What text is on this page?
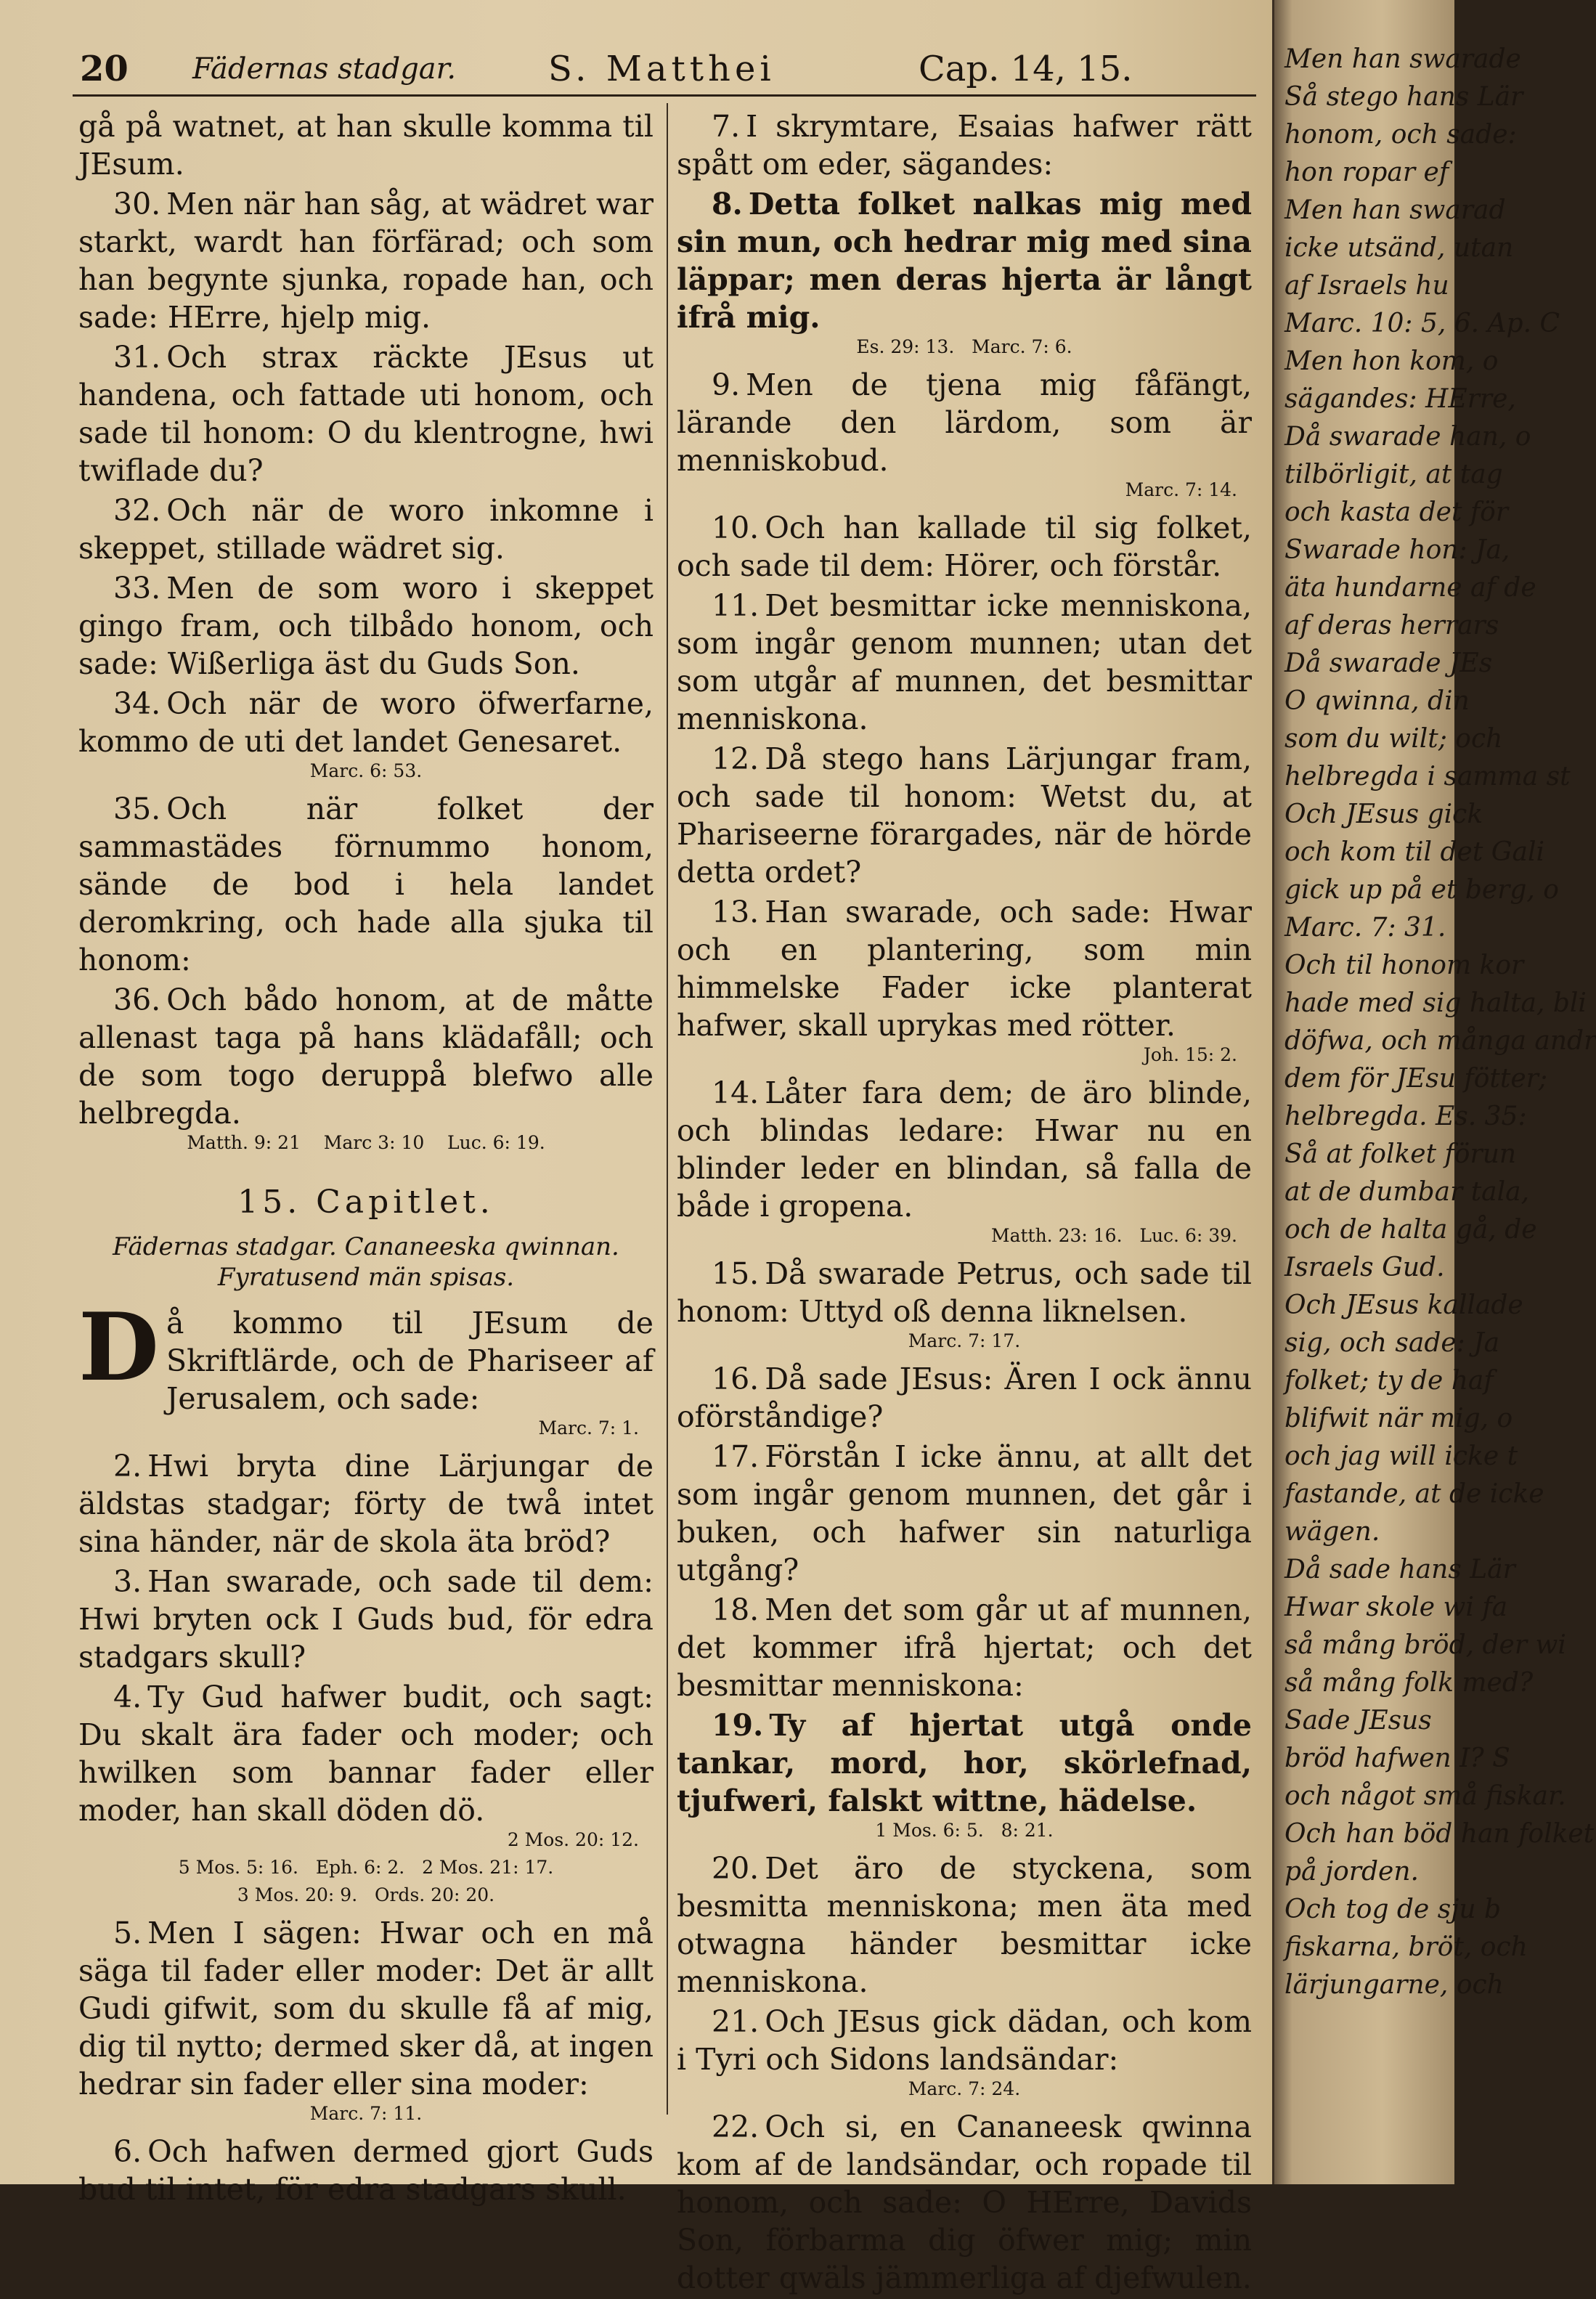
20 Fädernas stadgar.	S. Matthei	Cap. 14, 15.

gå på watnet, at han skulle komma til JEsum.

30. Men när han såg, at wädret war starkt, wardt han förfärad; och som han begynte sjunka, ropade han, och sade: HErre, hjelp mig.

31. Och strax räckte JEsus ut handena, och fattade uti honom, och sade til honom: O du klentrogne, hwi twiflade du?

32. Och när de woro inkomne i skeppet, stillade wädret sig.

33. Men de som woro i skeppet gingo fram, och tilbådo honom, och sade: Wißerliga äst du Guds Son.

34. Och när de woro öfwerfarne, kommo de uti det landet Genesaret.

Marc. 6: 53.

35. Och när folket der sammastädes förnummo honom, sände de bod i hela landet deromkring, och hade alla sjuka til honom:

36. Och bådo honom, at de måtte allenast taga på hans klädafåll; och de som togo deruppå blefwo alle helbregda.

Matth. 9: 21    Marc 3: 10    Luc. 6: 19.

15. Capitlet.

Fädernas stadgar. Cananeeska qwinnan.
Fyratusend män spisas.

Då kommo til JEsum de Skriftlärde, och de Phariseer af Jerusalem, och sade:

Marc. 7: 1.

2. Hwi bryta dine Lärjungar de äldstas stadgar; förty de twå intet sina händer, när de skola äta bröd?

3. Han swarade, och sade til dem: Hwi bryten ock I Guds bud, för edra stadgars skull?

4. Ty Gud hafwer budit, och sagt: Du skalt ära fader och moder; och hwilken som bannar fader eller moder, han skall döden dö.

2 Mos. 20: 12.

5 Mos. 5: 16.   Eph. 6: 2.   2 Mos. 21: 17.

3 Mos. 20: 9.   Ords. 20: 20.

5. Men I sägen: Hwar och en må säga til fader eller moder: Det är allt Gudi gifwit, som du skulle få af mig, dig til nytto; dermed sker då, at ingen hedrar sin fader eller sina moder:

Marc. 7: 11.

6. Och hafwen dermed gjort Guds bud til intet, för edra stadgars skull.

7. I skrymtare, Esaias hafwer rätt spått om eder, sägandes:

8. Detta folket nalkas mig med sin mun, och hedrar mig med sina läppar; men deras hjerta är långt ifrå mig.

Es. 29: 13.   Marc. 7: 6.

9. Men de tjena mig fåfängt, lärande den lärdom, som är menniskobud.

Marc. 7: 14.

10. Och han kallade til sig folket, och sade til dem: Hörer, och förstår.

11. Det besmittar icke menniskona, som ingår genom munnen; utan det som utgår af munnen, det besmittar menniskona.

12. Då stego hans Lärjungar fram, och sade til honom: Wetst du, at Phariseerne förargades, när de hörde detta ordet?

13. Han swarade, och sade: Hwar och en plantering, som min himmelske Fader icke planterat hafwer, skall uprykas med rötter.

Joh. 15: 2.

14. Låter fara dem; de äro blinde, och blindas ledare: Hwar nu en blinder leder en blindan, så falla de både i gropena.

Matth. 23: 16.   Luc. 6: 39.

15. Då swarade Petrus, och sade til honom: Uttyd oß denna liknelsen.

Marc. 7: 17.

16. Då sade JEsus: Ären I ock ännu oförståndige?

17. Förstån I icke ännu, at allt det som ingår genom munnen, det går i buken, och hafwer sin naturliga utgång?

18. Men det som går ut af munnen, det kommer ifrå hjertat; och det besmittar menniskona:

19. Ty af hjertat utgå onde tankar, mord, hor, skörlefnad, tjufweri, falskt wittne, hädelse.

1 Mos. 6: 5.   8: 21.

20. Det äro de styckena, som besmitta menniskona; men äta med otwagna händer besmittar icke menniskona.

21. Och JEsus gick dädan, och kom i Tyri och Sidons landsändar:

Marc. 7: 24.

22. Och si, en Cananeesk qwinna kom af de landsändar, och ropade til honom, och sade: O HErre, Davids Son, förbarma dig öfwer mig; min dotter qwäls jämmerliga af djefwulen.

Men han swarade
Så stego hans Lär
honom, och sade:
hon ropar ef
Men han swarad
icke utsänd, utan
af Israels hu
Marc. 10: 5, 6. Ap. C
Men hon kom, o
sägandes: HErre,
Då swarade han, o
tilbörligit, at tag
och kasta det för
Swarade hon: Ja,
äta hundarne af de
af deras herrars
Då swarade JEs
O qwinna, din
som du wilt; och
helbregda i samma st
Och JEsus gick
och kom til det Gali
gick up på et berg, o
Marc. 7: 31.
Och til honom kor
hade med sig halta, bli
döfwa, och många andr
dem för JEsu fötter;
helbregda. Es. 35:
Så at folket förun
at de dumbar tala,
och de halta gå, de
Israels Gud.
Och JEsus kallade
sig, och sade: Ja
folket; ty de haf
blifwit när mig, o
och jag will icke t
fastande, at de icke
wägen.
Då sade hans Lär
Hwar skole wi fa
så mång bröd, der wi
så mång folk med?
Sade JEsus
bröd hafwen I? S
och något små fiskar.
Och han böd han folket
på jorden.
Och tog de sju b
fiskarna, bröt, och
lärjungarne, och
